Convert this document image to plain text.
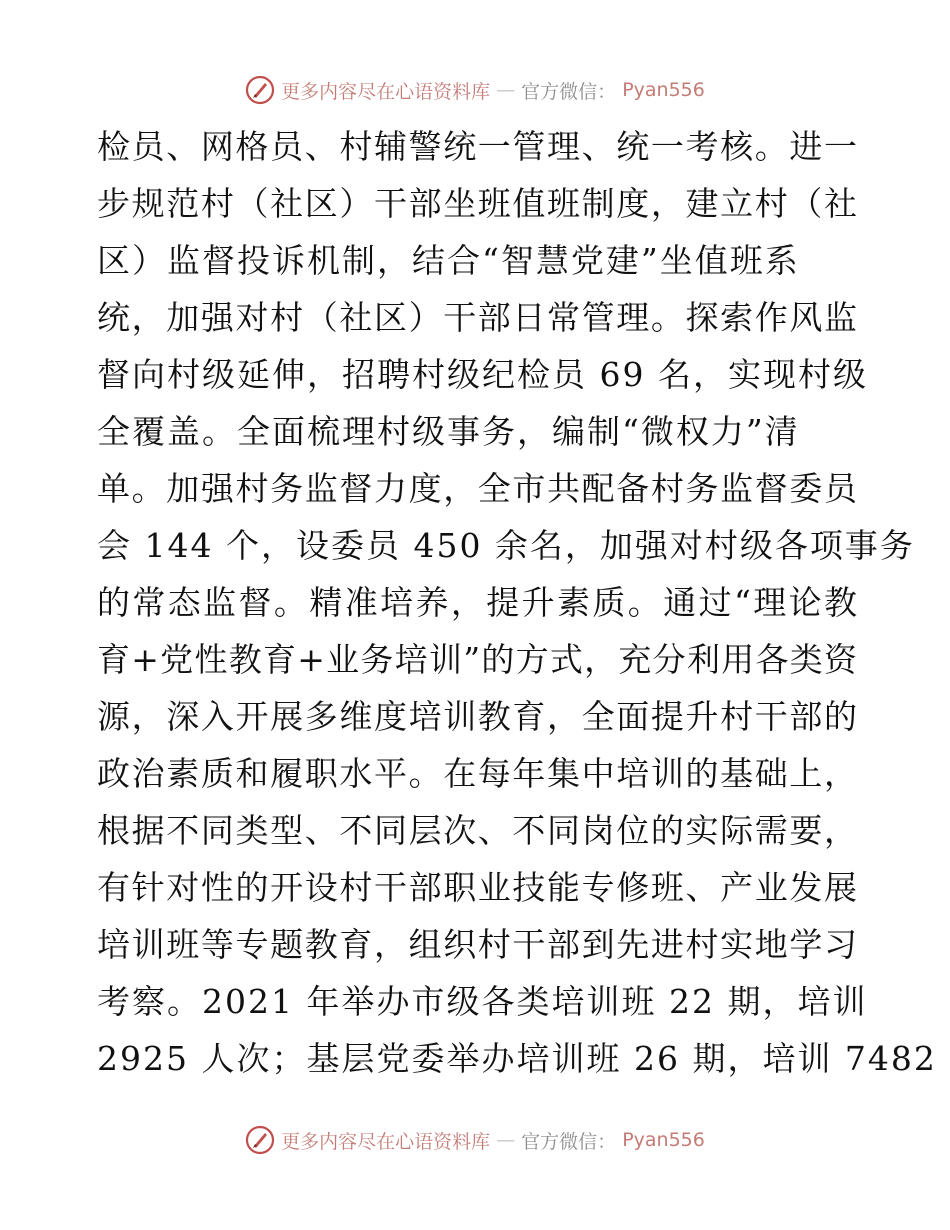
更多内容尽在心语资料库 — 官方微信： Pyan556
检员、网格员、村辅警统一管理、统一考核。进一
步规范村（社区）干部坐班值班制度，建立村（社
区）监督投诉机制，结合“智慧党建”坐值班系
统，加强对村（社区）干部日常管理。探索作风监
督向村级延伸，招聘村级纪检员 69 名，实现村级
全覆盖。全面梳理村级事务，编制“微权力”清
单。加强村务监督力度，全市共配备村务监督委员
会 144 个，设委员 450 余名，加强对村级各项事务
的常态监督。精准培养，提升素质。通过“理论教
育+党性教育+业务培训”的方式，充分利用各类资
源，深入开展多维度培训教育，全面提升村干部的
政治素质和履职水平。在每年集中培训的基础上，
根据不同类型、不同层次、不同岗位的实际需要，
有针对性的开设村干部职业技能专修班、产业发展
培训班等专题教育，组织村干部到先进村实地学习
考察。2021 年举办市级各类培训班 22 期，培训
2925 人次；基层党委举办培训班 26 期，培训 7482
更多内容尽在心语资料库 — 官方微信： Pyan556
